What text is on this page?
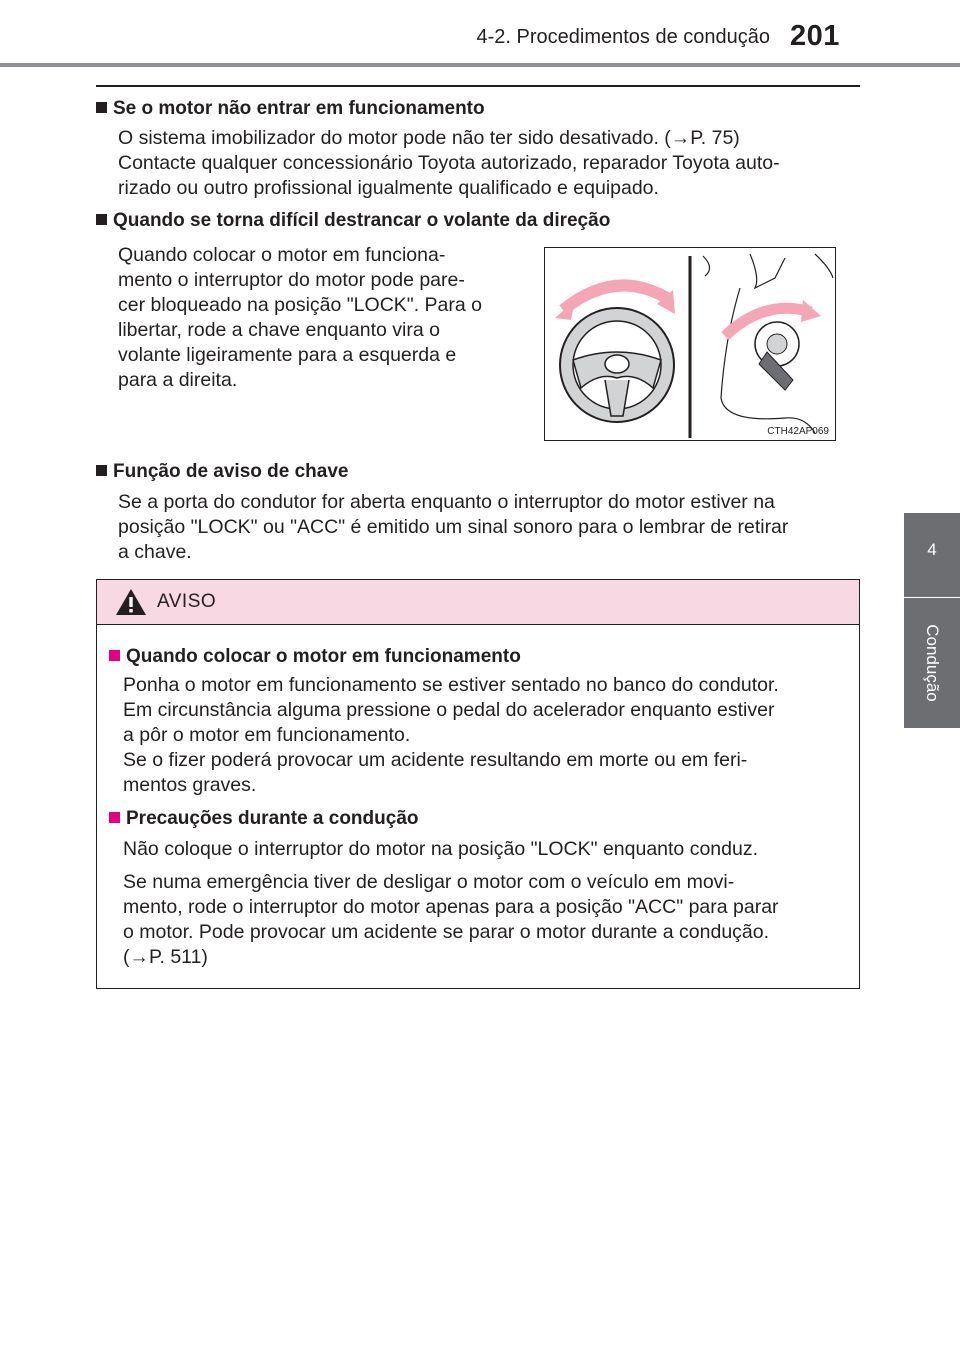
4-2. Procedimentos de condução 201
4
Condução
Se o motor não entrar em funcionamento
O sistema imobilizador do motor pode não ter sido desativado. (→P. 75)
Contacte qualquer concessionário Toyota autorizado, reparador Toyota auto-
rizado ou outro profissional igualmente qualificado e equipado.
Quando se torna difícil destrancar o volante da direção
Quando colocar o motor em funciona-
mento o interruptor do motor pode pare-
cer bloqueado na posição "LOCK". Para o
libertar, rode a chave enquanto vira o
volante ligeiramente para a esquerda e
para a direita.
CTH42AP069
Função de aviso de chave
Se a porta do condutor for aberta enquanto o interruptor do motor estiver na
posição "LOCK" ou "ACC" é emitido um sinal sonoro para o lembrar de retirar
a chave.
AVISO
Quando colocar o motor em funcionamento
Ponha o motor em funcionamento se estiver sentado no banco do condutor.
Em circunstância alguma pressione o pedal do acelerador enquanto estiver
a pôr o motor em funcionamento.
Se o fizer poderá provocar um acidente resultando em morte ou em feri-
mentos graves.
Precauções durante a condução
Não coloque o interruptor do motor na posição "LOCK" enquanto conduz.
Se numa emergência tiver de desligar o motor com o veículo em movi-
mento, rode o interruptor do motor apenas para a posição "ACC" para parar
o motor. Pode provocar um acidente se parar o motor durante a condução.
(→P. 511)
